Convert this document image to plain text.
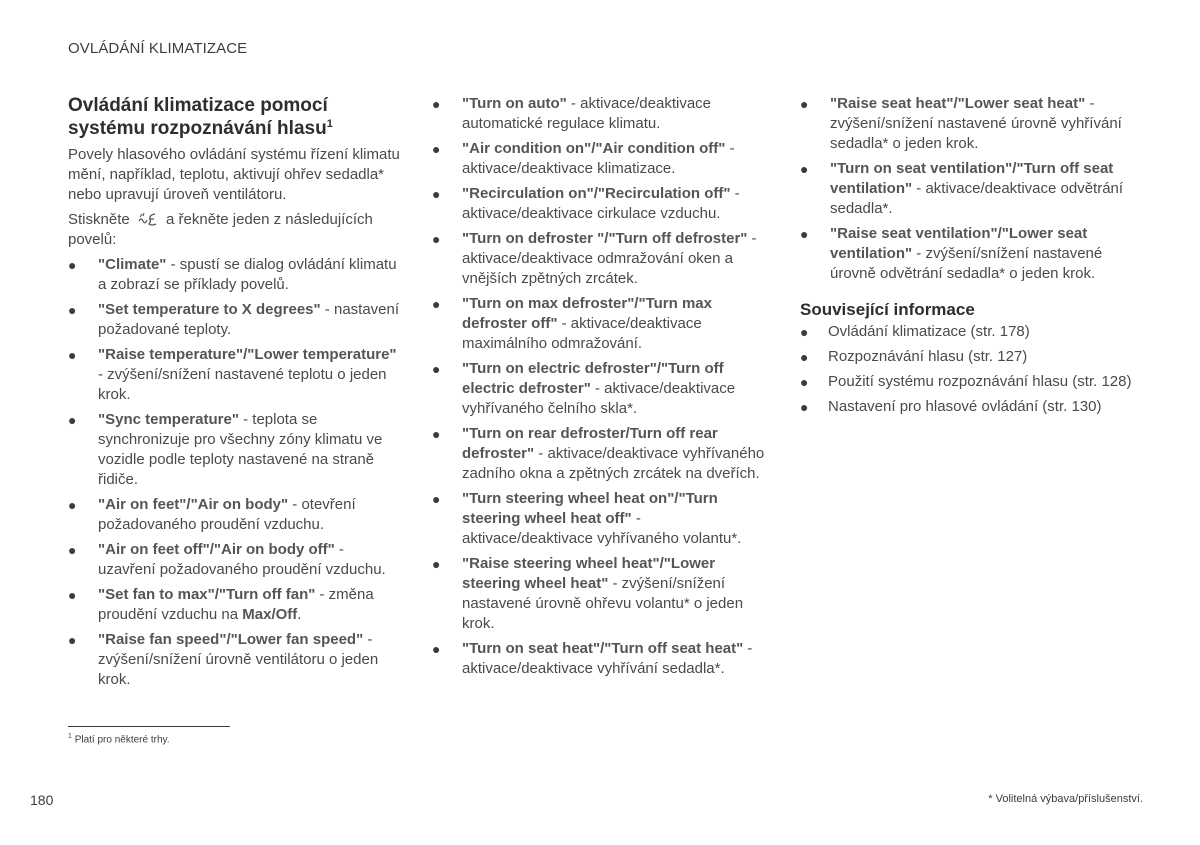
OVLÁDÁNÍ KLIMATIZACE
Ovládání klimatizace pomocí systému rozpoznávání hlasu$^1$

Povely hlasového ovládání systému řízení klimatu mění, například, teplotu, aktivují ohřev sedadla* nebo upravují úroveň ventilátoru.

Stiskněte a řekněte jeden z následujících povelů:

● "Climate" - spustí se dialog ovládání klimatu a zobrazí se příklady povelů.
● "Set temperature to X degrees" - nastavení požadované teploty.
● "Raise temperature"/"Lower temperature" - zvýšení/snížení nastavené teplotu o jeden krok.
● "Sync temperature" - teplota se synchronizuje pro všechny zóny klimatu ve vozidle podle teploty nastavené na straně řidiče.
● "Air on feet"/"Air on body" - otevření požadovaného proudění vzduchu.
● "Air on feet off"/"Air on body off" - uzavření požadovaného proudění vzduchu.
● "Set fan to max"/"Turn off fan" - změna proudění vzduchu na Max/Off.
● "Raise fan speed"/"Lower fan speed" - zvýšení/snížení úrovně ventilátoru o jeden krok.
● "Turn on auto" - aktivace/deaktivace automatické regulace klimatu.
● "Air condition on"/"Air condition off" - aktivace/deaktivace klimatizace.
● "Recirculation on"/"Recirculation off" - aktivace/deaktivace cirkulace vzduchu.
● "Turn on defroster "/"Turn off defroster" - aktivace/deaktivace odmražování oken a vnějších zpětných zrcátek.
● "Turn on max defroster"/"Turn max defroster off" - aktivace/deaktivace maximálního odmražování.
● "Turn on electric defroster"/"Turn off electric defroster" - aktivace/deaktivace vyhřívaného čelního skla*.
● "Turn on rear defroster/Turn off rear defroster" - aktivace/deaktivace vyhřívaného zadního okna a zpětných zrcátek na dveřích.
● "Turn steering wheel heat on"/"Turn steering wheel heat off" - aktivace/deaktivace vyhřívaného volantu*.
● "Raise steering wheel heat"/"Lower steering wheel heat" - zvýšení/snížení nastavené úrovně ohřevu volantu* o jeden krok.
● "Turn on seat heat"/"Turn off seat heat" - aktivace/deaktivace vyhřívání sedadla*.
● "Raise seat heat"/"Lower seat heat" - zvýšení/snížení nastavené úrovně vyhřívání sedadla* o jeden krok.
● "Turn on seat ventilation"/"Turn off seat ventilation" - aktivace/deaktivace odvětrání sedadla*.
● "Raise seat ventilation"/"Lower seat ventilation" - zvýšení/snížení nastavené úrovně odvětrání sedadla* o jeden krok.
Související informace
● Ovládání klimatizace (str. 178)
● Rozpoznávání hlasu (str. 127)
● Použití systému rozpoznávání hlasu (str. 128)
● Nastavení pro hlasové ovládání (str. 130)
$^1$ Platí pro některé trhy.
180	* Volitelná výbava/příslušenství.
